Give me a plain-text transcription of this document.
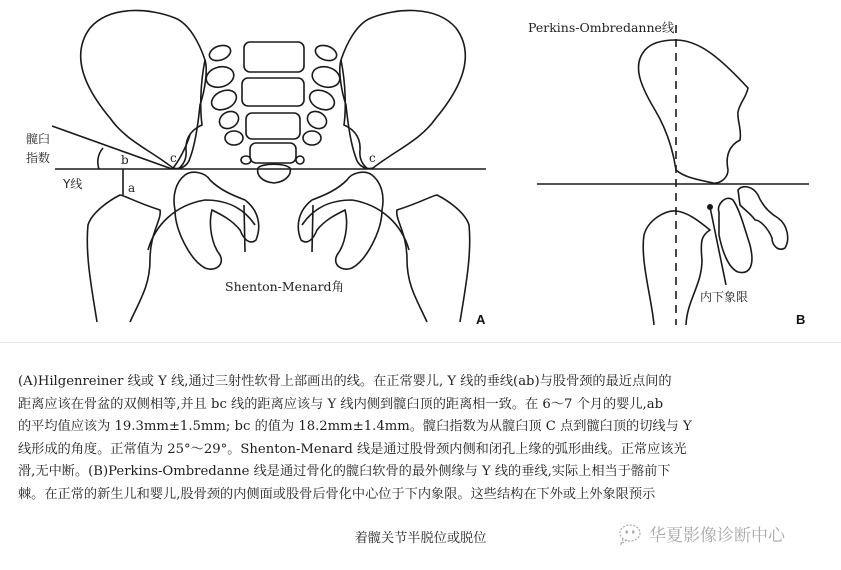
髋臼
指数	b	c	c
a
Y线
Shenton-Menard角
A
Perkins-Ombredanne线
内下象限
B
(A)Hilgenreiner 线或 Y 线,通过三射性软骨上部画出的线。在正常婴儿, Y 线的垂线(ab)与股骨颈的最近点间的
距离应该在骨盆的双侧相等,并且 bc 线的距离应该与 Y 线内侧到髋臼顶的距离相一致。在 6～7 个月的婴儿,ab
的平均值应该为 19.3mm±1.5mm; bc 的值为 18.2mm±1.4mm。髋臼指数为从髋臼顶 C 点到髋臼顶的切线与 Y
线形成的角度。正常值为 25°～29°。Shenton-Menard 线是通过股骨颈内侧和闭孔上缘的弧形曲线。正常应该光
滑,无中断。(B)Perkins-Ombredanne 线是通过骨化的髋臼软骨的最外侧缘与 Y 线的垂线,实际上相当于髂前下
棘。在正常的新生儿和婴儿,股骨颈的内侧面或股骨后骨化中心位于下内象限。这些结构在下外或上外象限预示
着髋关节半脱位或脱位	华夏影像诊断中心
